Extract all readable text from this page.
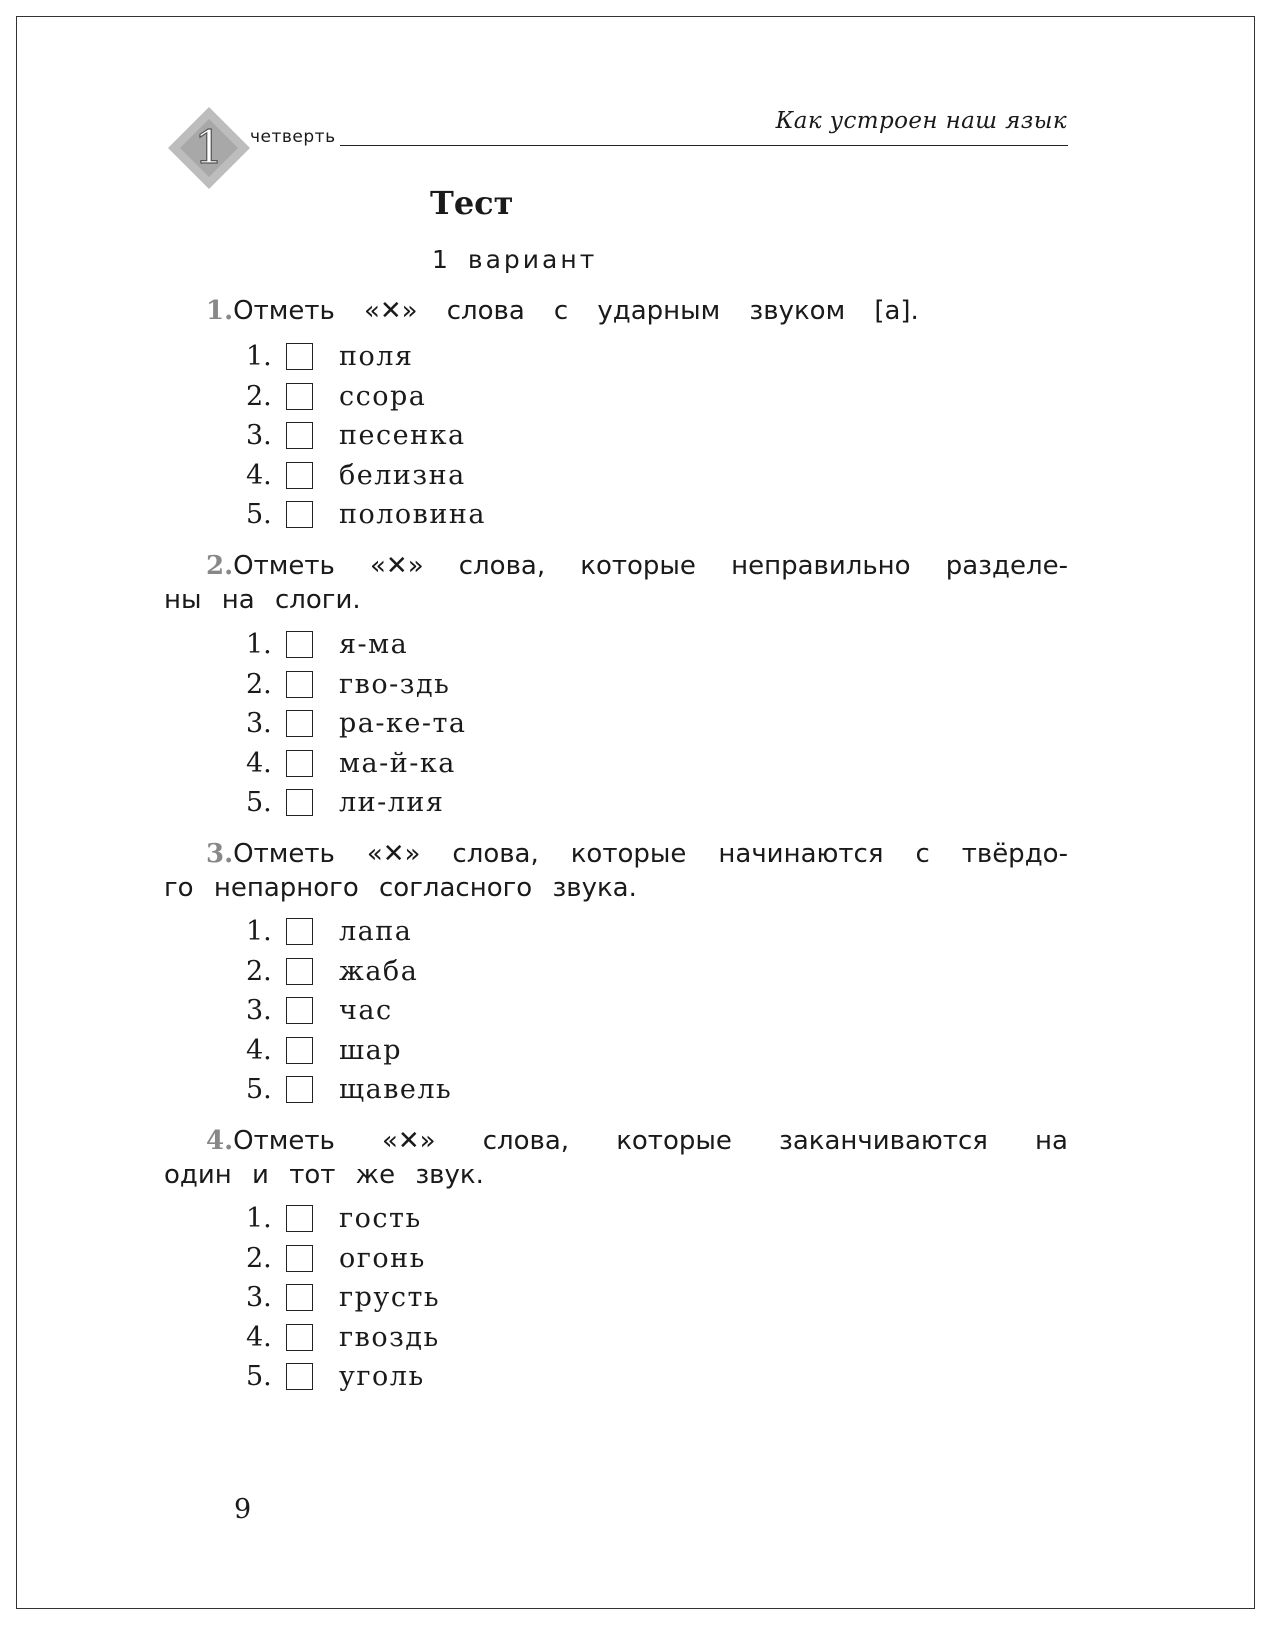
1 четверть
Как устроен наш язык
Тест
1 вариант
1.Отметь «✕» слова с ударным звуком [а].
1.	поля
2.	ссора
3.	песенка
4.	белизна
5.	половина
2.Отметь «✕» слова, которые неправильно разделе-
ны на слоги.
1.	я-ма
2.	гво-здь
3.	ра-ке-та
4.	ма-й-ка
5.	ли-лия
3.Отметь «✕» слова, которые начинаются с твёрдо-
го непарного согласного звука.
1.	лапа
2.	жаба
3.	час
4.	шар
5.	щавель
4.Отметь «✕» слова, которые заканчиваются на
один и тот же звук.
1.	гость
2.	огонь
3.	грусть
4.	гвоздь
5.	уголь
9
